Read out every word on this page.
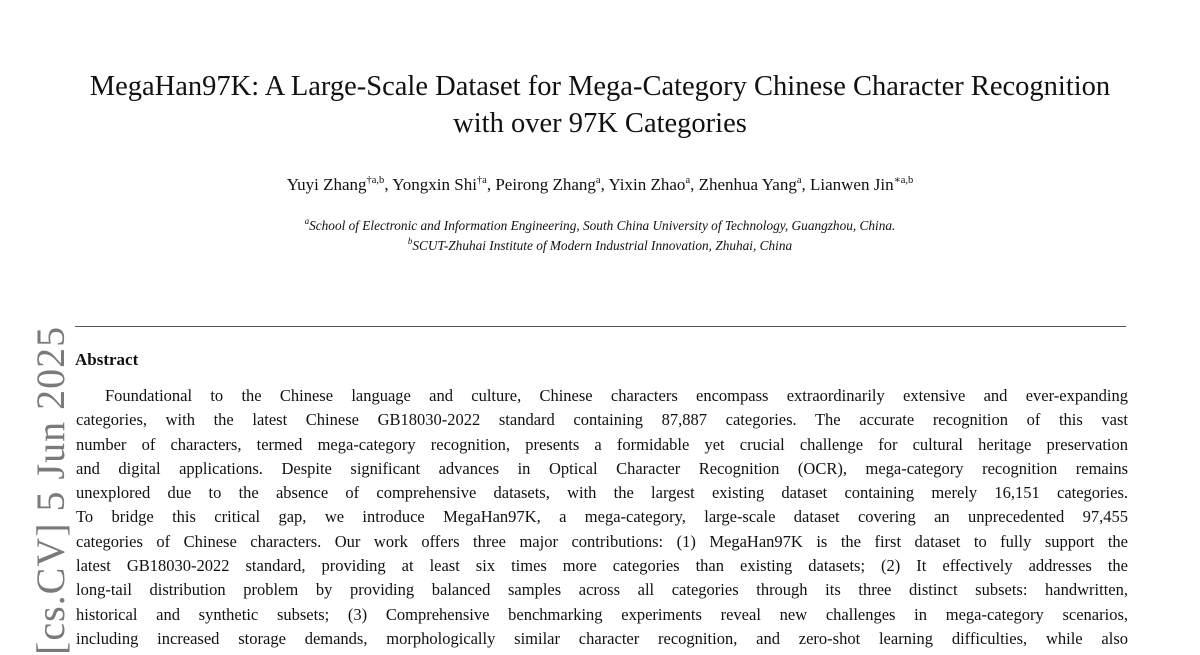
MegaHan97K: A Large-Scale Dataset for Mega-Category Chinese Character Recognition
with over 97K Categories
Yuyi Zhang$^{\dagger a,b}$, Yongxin Shi$^{\dagger a}$, Peirong Zhang$^a$, Yixin Zhao$^a$, Zhenhua Yang$^a$, Lianwen Jin$^{∗a,b}$
$^a$School of Electronic and Information Engineering, South China University of Technology, Guangzhou, China.
$^b$SCUT-Zhuhai Institute of Modern Industrial Innovation, Zhuhai, China
Abstract
Foundational to the Chinese language and culture, Chinese characters encompass extraordinarily extensive and ever-expanding
categories, with the latest Chinese GB18030-2022 standard containing 87,887 categories. The accurate recognition of this vast
number of characters, termed mega-category recognition, presents a formidable yet crucial challenge for cultural heritage preservation
and digital applications. Despite significant advances in Optical Character Recognition (OCR), mega-category recognition remains
unexplored due to the absence of comprehensive datasets, with the largest existing dataset containing merely 16,151 categories.
To bridge this critical gap, we introduce MegaHan97K, a mega-category, large-scale dataset covering an unprecedented 97,455
categories of Chinese characters. Our work offers three major contributions: (1) MegaHan97K is the first dataset to fully support the
latest GB18030-2022 standard, providing at least six times more categories than existing datasets; (2) It effectively addresses the
long-tail distribution problem by providing balanced samples across all categories through its three distinct subsets: handwritten,
historical and synthetic subsets; (3) Comprehensive benchmarking experiments reveal new challenges in mega-category scenarios,
including increased storage demands, morphologically similar character recognition, and zero-shot learning difficulties, while also
[cs.CV] 5 Jun 2025
